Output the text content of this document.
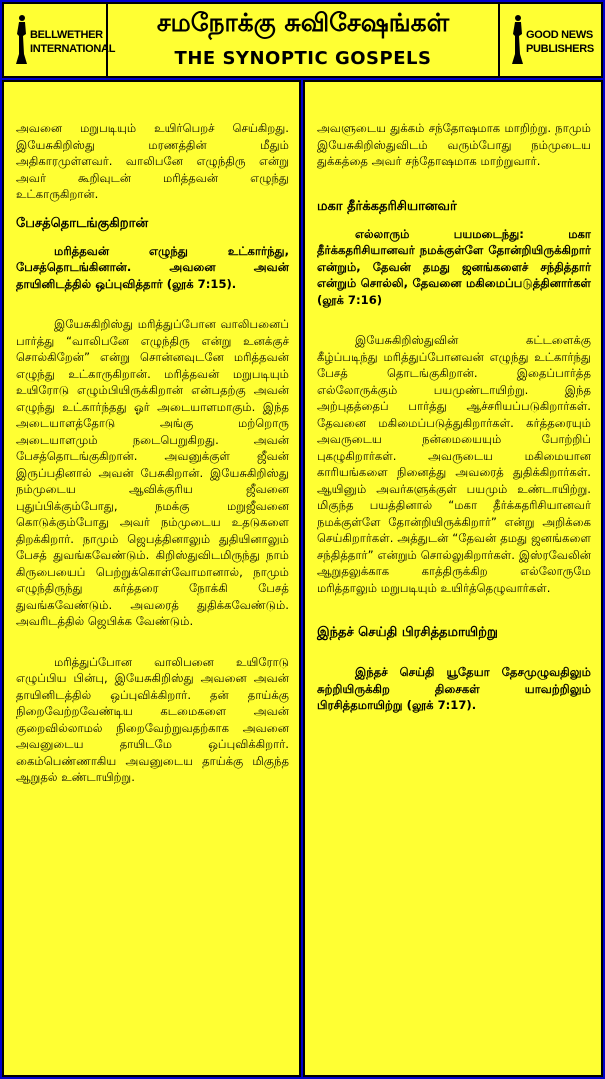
BELLWETHER INTERNATIONAL
சமநோக்கு சுவிசேஷங்கள்
THE SYNOPTIC GOSPELS
GOOD NEWS PUBLISHERS

அவனை மறுபடியும் உயிர்பெறச் செய்கிறது. இயேசுகிறிஸ்து மரணத்தின் மீதும் அதிகாரமுள்ளவர். வாலிபனே எழுந்திரு என்று அவர் கூறிவுடன் மரித்தவன் எழுந்து உட்காருகிறான்.

பேசத்தொடங்குகிறான்

மரித்தவன் எழுந்து உட்கார்ந்து, பேசத்தொடங்கினான். அவனை அவன் தாயினிடத்தில் ஒப்புவித்தார் (லூக் 7:15).

இயேசுகிறிஸ்து மரித்துப்போன வாலிபனைப் பார்த்து “வாலிபனே எழுந்திரு என்று உனக்குச் சொல்கிறேன்” என்று சொன்னவுடனே மரித்தவன் எழுந்து உட்காருகிறான். மரித்தவன் மறுபடியும் உயிரோடு எழும்பியிருக்கிறான் என்பதற்கு அவன் எழுந்து உட்கார்ந்தது ஓர் அடையாளமாகும். இந்த அடையாளத்தோடு அங்கு மற்றொரு அடையாளமும் நடைபெறுகிறது. அவன் பேசத்தொடங்குகிறான். அவனுக்குள் ஜீவன் இருப்பதினால் அவன் பேசுகிறான். இயேசுகிறிஸ்து நம்முடைய ஆவிக்குரிய ஜீவனை புதுப்பிக்கும்போது, நமக்கு மறுஜீவனை கொடுக்கும்போது அவர் நம்முடைய உதடுகளை திறக்கிறார். நாமும் ஜெபத்தினாலும் துதியினாலும் பேசத் துவங்கவேண்டும். கிறிஸ்துவிடமிருந்து நாம் கிருபையைப் பெற்றுக்கொள்வோமானால், நாமும் எழுந்திருந்து கர்த்தரை நோக்கி பேசத் துவங்கவேண்டும். அவரைத் துதிக்கவேண்டும். அவரிடத்தில் ஜெபிக்க வேண்டும்.

மரித்துப்போன வாலிபனை உயிரோடு எழுப்பிய பின்பு, இயேசுகிறிஸ்து அவனை அவன் தாயினிடத்தில் ஒப்புவிக்கிறார். தன் தாய்க்கு நிறைவேற்றவேண்டிய கடமைகளை அவன் குறைவில்லாமல் நிறைவேற்றுவதற்காக அவனை அவனுடைய தாயிடமே ஒப்புவிக்கிறார். கைம்பெண்ணாகிய அவனுடைய தாய்க்கு மிகுந்த ஆறுதல் உண்டாயிற்று.

அவளுடைய துக்கம் சந்தோஷமாக மாறிற்று. நாமும் இயேசுகிறிஸ்துவிடம் வரும்போது நம்முடைய துக்கத்தை அவர் சந்தோஷமாக மாற்றுவார்.

மகா தீர்க்கதரிசியானவர்

எல்லாரும் பயமடைந்து: மகா தீர்க்கதரிசியானவர் நமக்குள்ளே தோன்றியிருக்கிறார் என்றும், தேவன் தமது ஜனங்களைச் சந்தித்தார் என்றும் சொல்லி, தேவனை மகிமைப்படுத்தினார்கள் (லூக் 7:16)

இயேசுகிறிஸ்துவின் கட்டளைக்கு கீழ்ப்படிந்து மரித்துப்போனவன் எழுந்து உட்கார்ந்து பேசத் தொடங்குகிறான். இதைப்பார்த்த எல்லோருக்கும் பயமுண்டாயிற்று. இந்த அற்புதத்தைப் பார்த்து ஆச்சரியப்படுகிறார்கள். தேவனை மகிமைப்படுத்துகிறார்கள். கர்த்தரையும் அவருடைய நன்மையையும் போற்றிப் புகழுகிறார்கள். அவருடைய மகிமையான காரியங்களை நினைத்து அவரைத் துதிக்கிறார்கள். ஆயினும் அவர்களுக்குள் பயமும் உண்டாயிற்று. மிகுந்த பயத்தினால் “மகா தீர்க்கதரிசியானவர் நமக்குள்ளே தோன்றியிருக்கிறார்” என்று அறிக்கை செய்கிறார்கள். அத்துடன் “தேவன் தமது ஜனங்களை சந்தித்தார்” என்றும் சொல்லுகிறார்கள். இஸ்ரவேலின் ஆறுதலுக்காக காத்திருக்கிற எல்லோருமே மரித்தாலும் மறுபடியும் உயிர்த்தெழுவார்கள்.

இந்தச் செய்தி பிரசித்தமாயிற்று

இந்தச் செய்தி யூதேயா தேசமுழுவதிலும் சுற்றியிருக்கிற திசைகள் யாவற்றிலும் பிரசித்தமாயிற்று (லூக் 7:17).
